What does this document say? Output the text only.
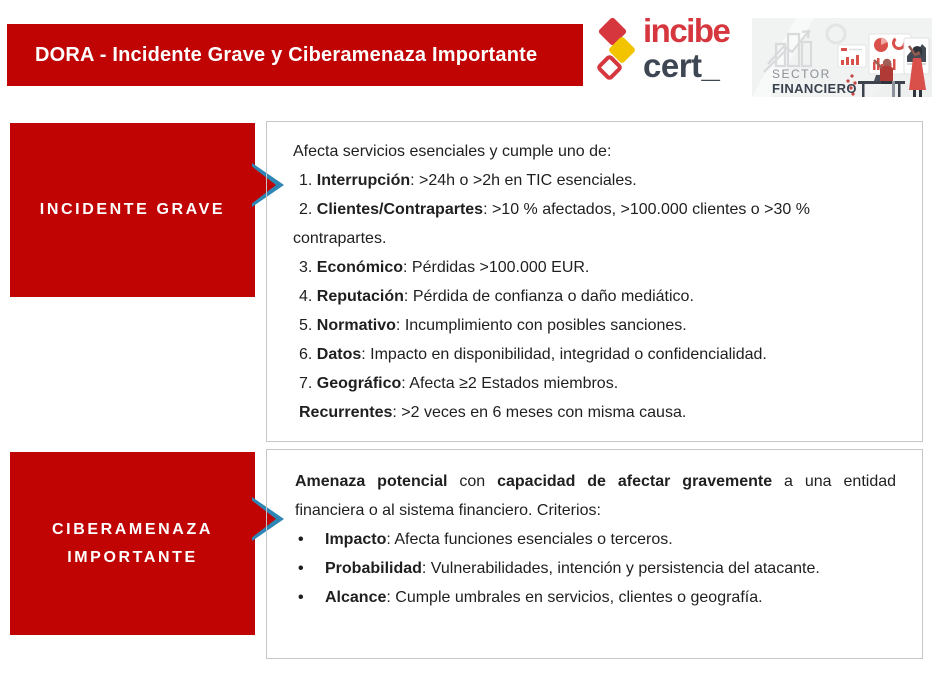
DORA - Incidente Grave y Ciberamenaza Importante
incibe
cert_	SECTOR
FINANCIERO
INCIDENTE GRAVE
Afecta servicios esenciales y cumple uno de:
1. Interrupción: >24h o >2h en TIC esenciales.
2. Clientes/Contrapartes: >10 % afectados, >100.000 clientes o >30 % contrapartes.
3. Económico: Pérdidas >100.000 EUR.
4. Reputación: Pérdida de confianza o daño mediático.
5. Normativo: Incumplimiento con posibles sanciones.
6. Datos: Impacto en disponibilidad, integridad o confidencialidad.
7. Geográfico: Afecta ≥2 Estados miembros.
Recurrentes: >2 veces en 6 meses con misma causa.
CIBERAMENAZA IMPORTANTE
Amenaza potencial con capacidad de afectar gravemente a una entidad financiera o al sistema financiero. Criterios:
•	Impacto: Afecta funciones esenciales o terceros.
•	Probabilidad: Vulnerabilidades, intención y persistencia del atacante.
•	Alcance: Cumple umbrales en servicios, clientes o geografía.
